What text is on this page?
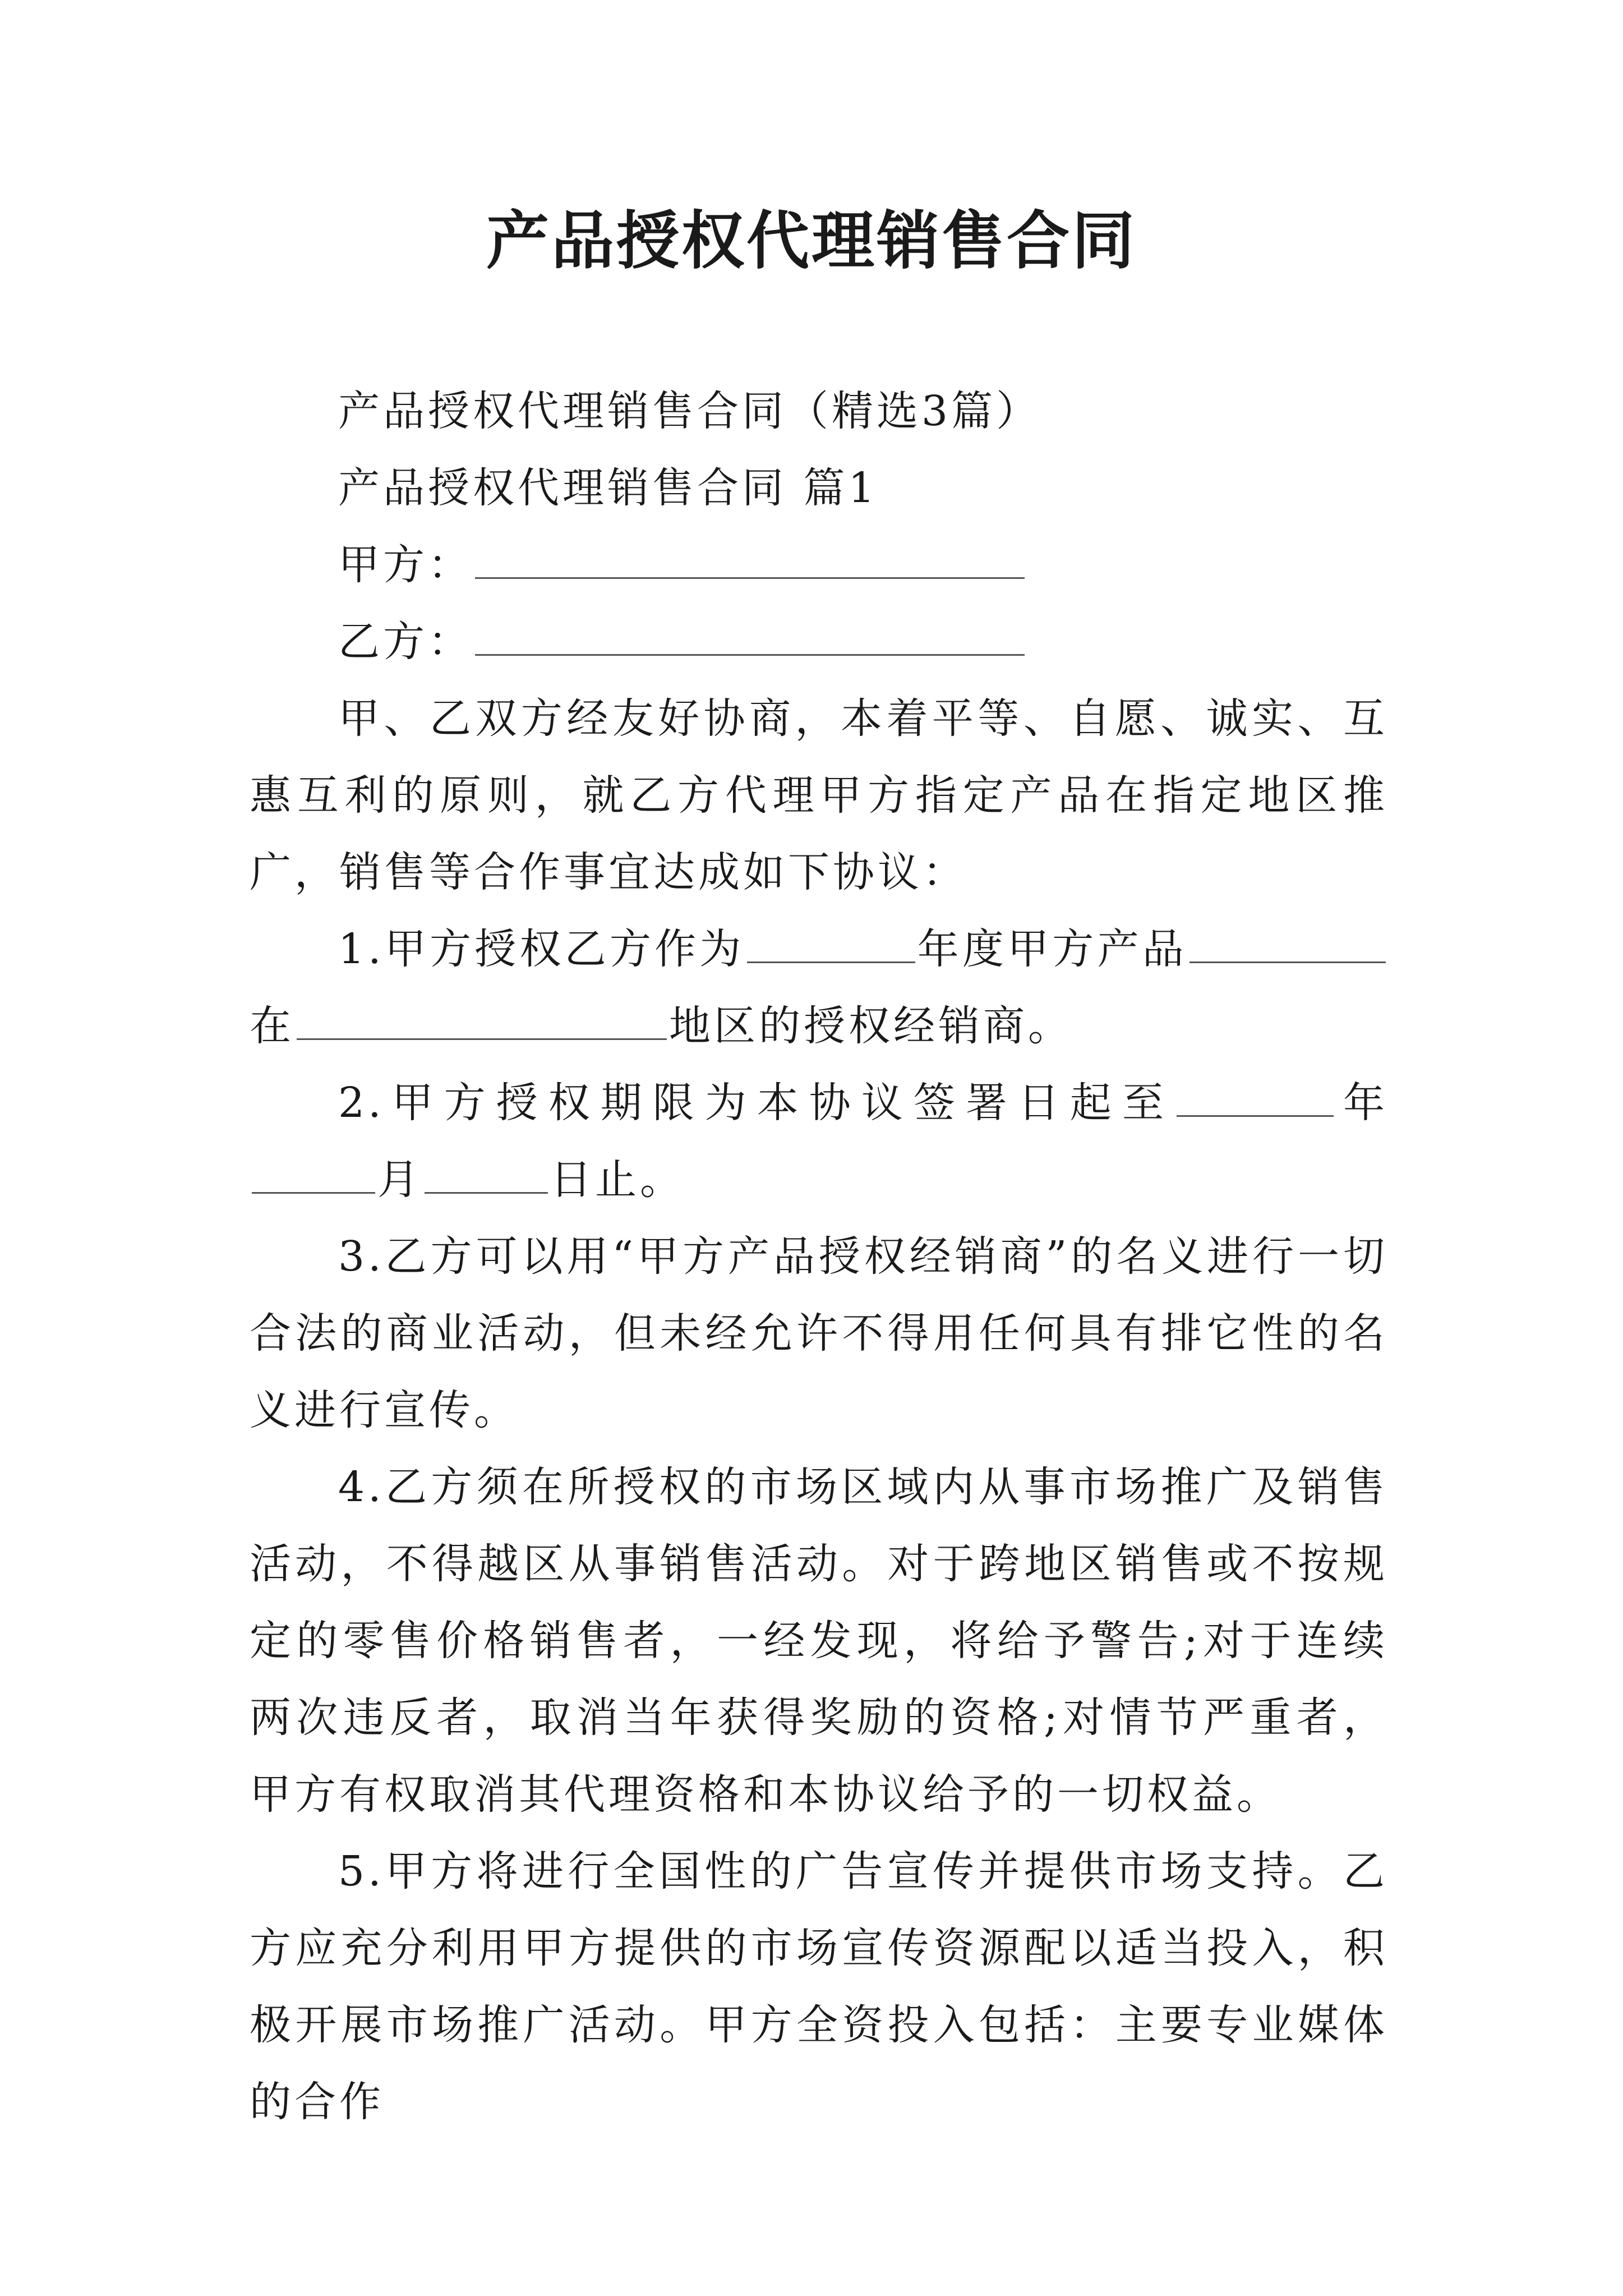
产品授权代理销售合同

产品授权代理销售合同（精选3篇）

产品授权代理销售合同 篇1

甲方：

乙方：

甲、乙双方经友好协商，本着平等、自愿、诚实、互惠互利的原则，就乙方代理甲方指定产品在指定地区推广，销售等合作事宜达成如下协议：

1.甲方授权乙方作为	年度甲方产品在	地区的授权经销商。

2.甲方授权期限为本协议签署日起至	年月	日止。

3.乙方可以用“甲方产品授权经销商”的名义进行一切合法的商业活动，但未经允许不得用任何具有排它性的名义进行宣传。

4.乙方须在所授权的市场区域内从事市场推广及销售活动，不得越区从事销售活动。对于跨地区销售或不按规定的零售价格销售者，一经发现，将给予警告;对于连续两次违反者，取消当年获得奖励的资格;对情节严重者，甲方有权取消其代理资格和本协议给予的一切权益。

5.甲方将进行全国性的广告宣传并提供市场支持。乙方应充分利用甲方提供的市场宣传资源配以适当投入，积极开展市场推广活动。甲方全资投入包括：主要专业媒体的合作
